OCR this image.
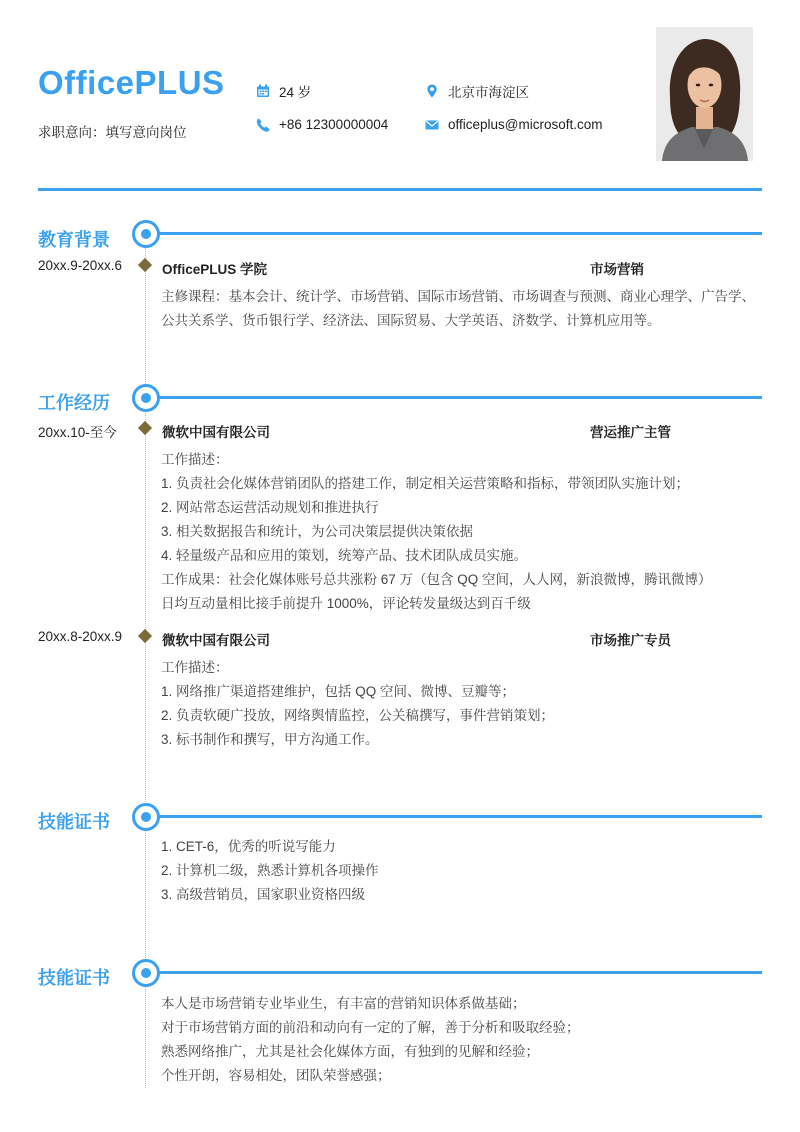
OfficePLUS
求职意向：填写意向岗位
24 岁	北京市海淀区
+86 12300000004	officeplus@microsoft.com
教育背景
20xx.9-20xx.6	OfficePLUS 学院	市场营销
主修课程：基本会计、统计学、市场营销、国际市场营销、市场调查与预测、商业心理学、广告学、公共关系学、货币银行学、经济法、国际贸易、大学英语、济数学、计算机应用等。
工作经历
20xx.10-至今	微软中国有限公司	营运推广主管
工作描述：
1. 负责社会化媒体营销团队的搭建工作，制定相关运营策略和指标，带领团队实施计划；
2. 网站常态运营活动规划和推进执行
3. 相关数据报告和统计，为公司决策层提供决策依据
4. 轻量级产品和应用的策划，统筹产品、技术团队成员实施。
工作成果：社会化媒体账号总共涨粉 67 万（包含 QQ 空间，人人网，新浪微博，腾讯微博）
日均互动量相比接手前提升 1000%，评论转发量级达到百千级
20xx.8-20xx.9	微软中国有限公司	市场推广专员
工作描述：
1. 网络推广渠道搭建维护，包括 QQ 空间、微博、豆瓣等；
2. 负责软硬广投放，网络舆情监控，公关稿撰写，事件营销策划；
3. 标书制作和撰写，甲方沟通工作。
技能证书
1. CET-6，优秀的听说写能力
2. 计算机二级，熟悉计算机各项操作
3. 高级营销员，国家职业资格四级
技能证书
本人是市场营销专业毕业生，有丰富的营销知识体系做基础；
对于市场营销方面的前沿和动向有一定的了解，善于分析和吸取经验；
熟悉网络推广，尤其是社会化媒体方面，有独到的见解和经验；
个性开朗，容易相处，团队荣誉感强；
